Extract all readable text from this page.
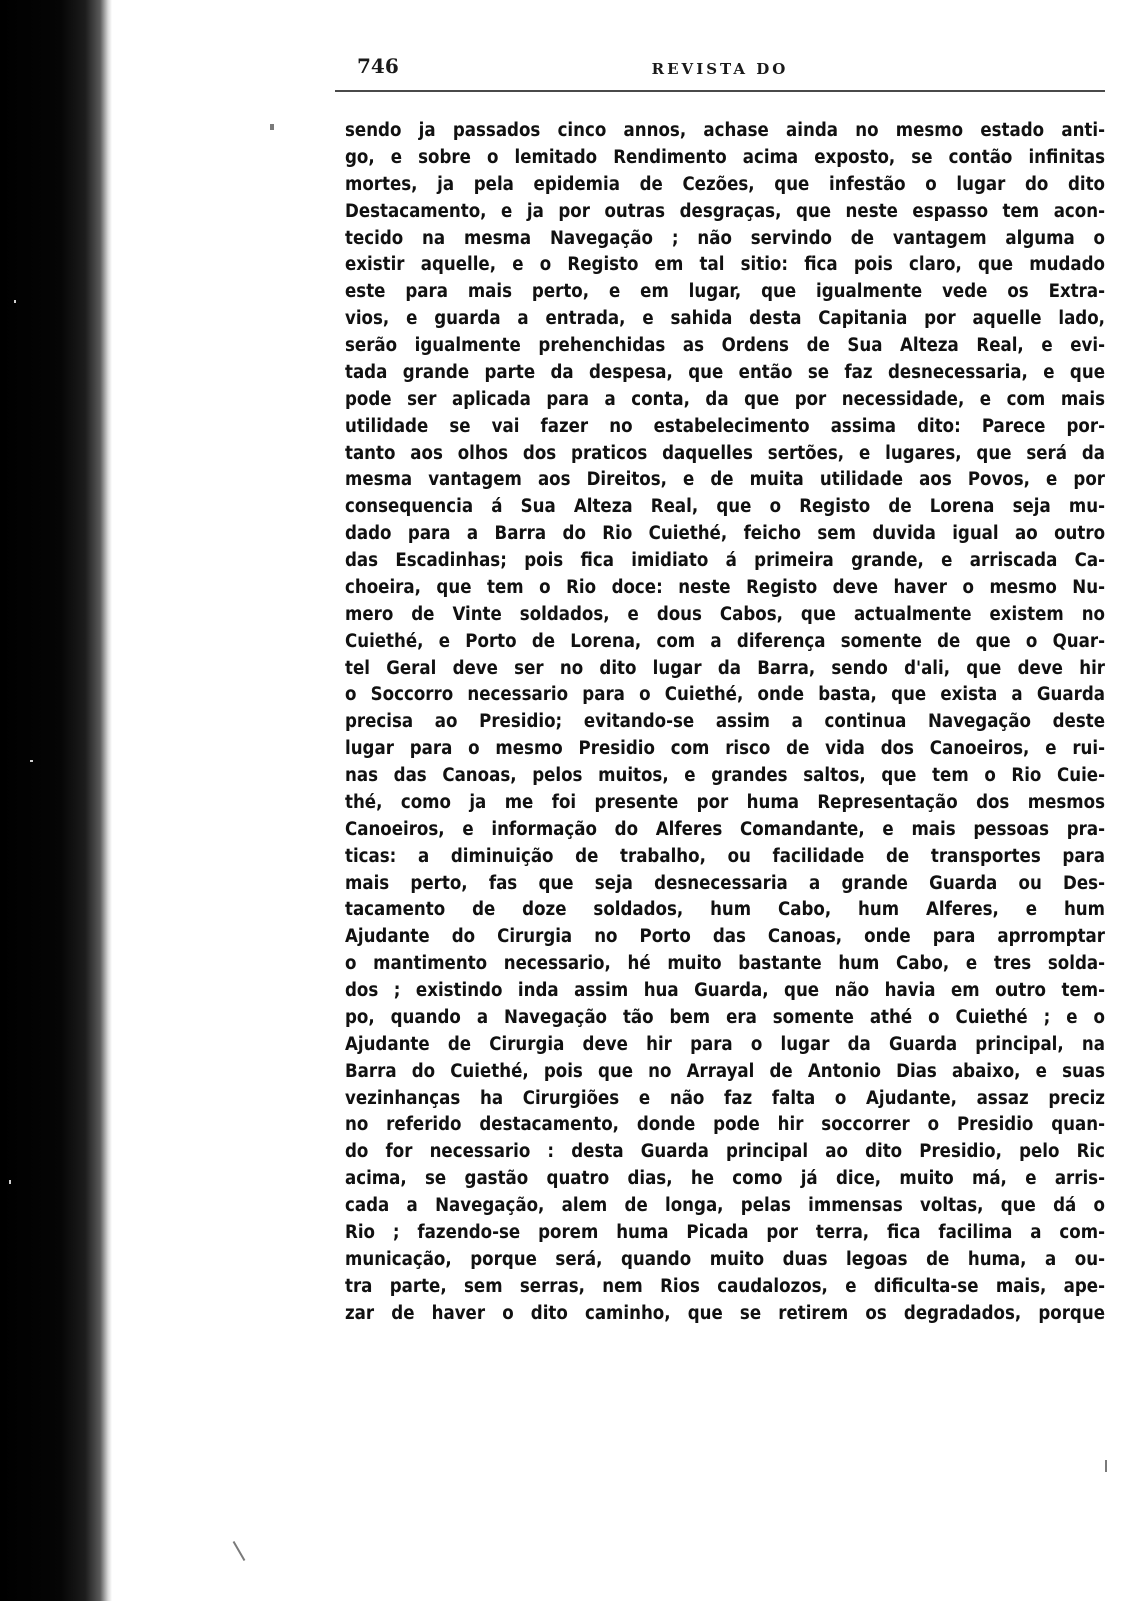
746	REVISTA DO
sendo ja passados cinco annos, achase ainda no mesmo estado anti-
go, e sobre o lemitado Rendimento acima exposto, se contão infinitas
mortes, ja pela epidemia de Cezões, que infestão o lugar do dito
Destacamento, e ja por outras desgraças, que neste espasso tem acon-
tecido na mesma Navegação ; não servindo de vantagem alguma o
existir aquelle, e o Registo em tal sitio: fica pois claro, que mudado
este para mais perto, e em lugar, que igualmente vede os Extra-
vios, e guarda a entrada, e sahida desta Capitania por aquelle lado,
serão igualmente prehenchidas as Ordens de Sua Alteza Real, e evi-
tada grande parte da despesa, que então se faz desnecessaria, e que
pode ser aplicada para a conta, da que por necessidade, e com mais
utilidade se vai fazer no estabelecimento assima dito: Parece por-
tanto aos olhos dos praticos daquelles sertões, e lugares, que será da
mesma vantagem aos Direitos, e de muita utilidade aos Povos, e por
consequencia á Sua Alteza Real, que o Registo de Lorena seja mu-
dado para a Barra do Rio Cuiethé, feicho sem duvida igual ao outro
das Escadinhas; pois fica imidiato á primeira grande, e arriscada Ca-
choeira, que tem o Rio doce: neste Registo deve haver o mesmo Nu-
mero de Vinte soldados, e dous Cabos, que actualmente existem no
Cuiethé, e Porto de Lorena, com a diferença somente de que o Quar-
tel Geral deve ser no dito lugar da Barra, sendo d'ali, que deve hir
o Soccorro necessario para o Cuiethé, onde basta, que exista a Guarda
precisa ao Presidio; evitando-se assim a continua Navegação deste
lugar para o mesmo Presidio com risco de vida dos Canoeiros, e rui-
nas das Canoas, pelos muitos, e grandes saltos, que tem o Rio Cuie-
thé, como ja me foi presente por huma Representação dos mesmos
Canoeiros, e informação do Alferes Comandante, e mais pessoas pra-
ticas: a diminuição de trabalho, ou facilidade de transportes para
mais perto, fas que seja desnecessaria a grande Guarda ou Des-
tacamento de doze soldados, hum Cabo, hum Alferes, e hum
Ajudante do Cirurgia no Porto das Canoas, onde para aprromptar
o mantimento necessario, hé muito bastante hum Cabo, e tres solda-
dos ; existindo inda assim hua Guarda, que não havia em outro tem-
po, quando a Navegação tão bem era somente athé o Cuiethé ; e o
Ajudante de Cirurgia deve hir para o lugar da Guarda principal, na
Barra do Cuiethé, pois que no Arrayal de Antonio Dias abaixo, e suas
vezinhanças ha Cirurgiões e não faz falta o Ajudante, assaz preciz
no referido destacamento, donde pode hir soccorrer o Presidio quan-
do for necessario : desta Guarda principal ao dito Presidio, pelo Ric
acima, se gastão quatro dias, he como já dice, muito má, e arris-
cada a Navegação, alem de longa, pelas immensas voltas, que dá o
Rio ; fazendo-se porem huma Picada por terra, fica facilima a com-
municação, porque será, quando muito duas legoas de huma, a ou-
tra parte, sem serras, nem Rios caudalozos, e dificulta-se mais, ape-
zar de haver o dito caminho, que se retirem os degradados, porque
